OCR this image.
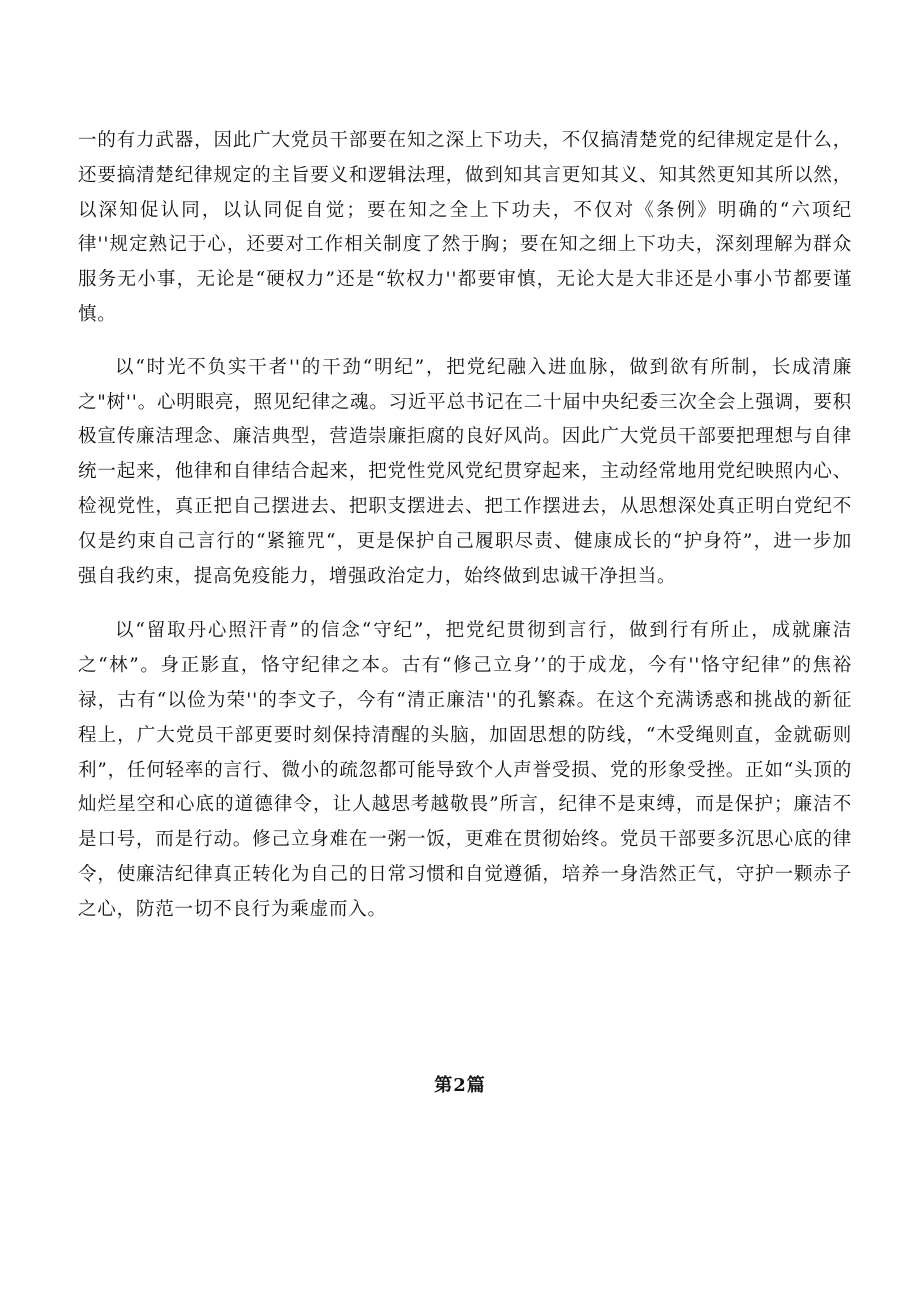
一的有力武器，因此广大党员干部要在知之深上下功夫，不仅搞清楚党的纪律规定是什么，还要搞清楚纪律规定的主旨要义和逻辑法理，做到知其言更知其义、知其然更知其所以然，以深知促认同，以认同促自觉；要在知之全上下功夫，不仅对《条例》明确的“六项纪律''规定熟记于心，还要对工作相关制度了然于胸；要在知之细上下功夫，深刻理解为群众服务无小事，无论是“硬权力”还是“软权力''都要审慎，无论大是大非还是小事小节都要谨慎。

以“时光不负实干者''的干劲“明纪”，把党纪融入进血脉，做到欲有所制，长成清廉之"树''。心明眼亮，照见纪律之魂。习近平总书记在二十届中央纪委三次全会上强调，要积极宣传廉洁理念、廉洁典型，营造崇廉拒腐的良好风尚。因此广大党员干部要把理想与自律统一起来，他律和自律结合起来，把党性党风党纪贯穿起来，主动经常地用党纪映照内心、检视党性，真正把自己摆进去、把职支摆进去、把工作摆进去，从思想深处真正明白党纪不仅是约束自己言行的“紧箍咒“，更是保护自己履职尽责、健康成长的“护身符”，进一步加强自我约束，提高免疫能力，增强政治定力，始终做到忠诚干净担当。

以“留取丹心照汗青”的信念“守纪”，把党纪贯彻到言行，做到行有所止，成就廉洁之“林”。身正影直，恪守纪律之本。古有“修己立身’’的于成龙，今有''恪守纪律”的焦裕禄，古有“以俭为荣''的李文子，今有“清正廉洁''的孔繁森。在这个充满诱惑和挑战的新征程上，广大党员干部更要时刻保持清醒的头脑，加固思想的防线，“木受绳则直，金就砺则利”，任何轻率的言行、微小的疏忽都可能导致个人声誉受损、党的形象受挫。正如“头顶的灿烂星空和心底的道德律令，让人越思考越敬畏”所言，纪律不是束缚，而是保护；廉洁不是口号，而是行动。修己立身难在一粥一饭，更难在贯彻始终。党员干部要多沉思心底的律令，使廉洁纪律真正转化为自己的日常习惯和自觉遵循，培养一身浩然正气，守护一颗赤子之心，防范一切不良行为乘虚而入。

第2篇
